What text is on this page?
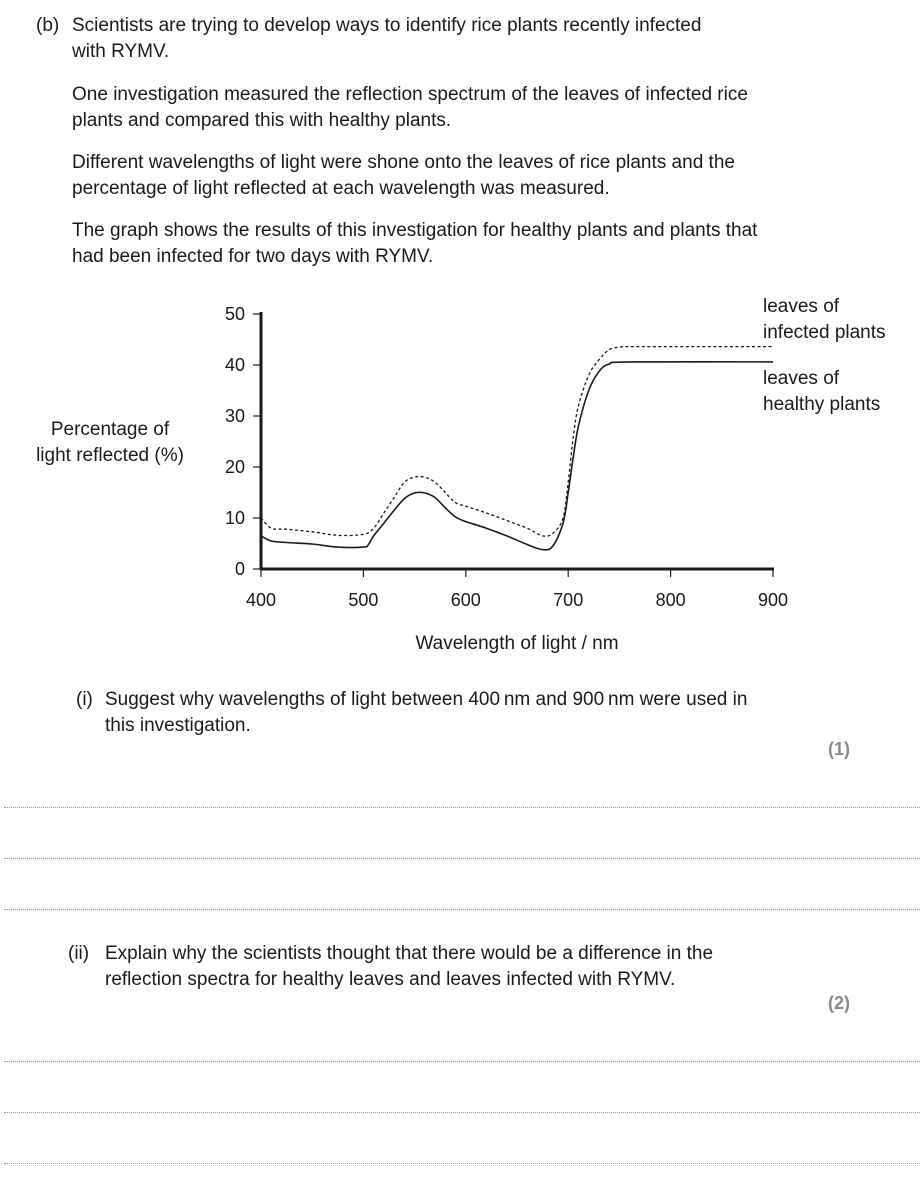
(b) Scientists are trying to develop ways to identify rice plants recently infected
with RYMV.
One investigation measured the reflection spectrum of the leaves of infected rice
plants and compared this with healthy plants.
Different wavelengths of light were shone onto the leaves of rice plants and the
percentage of light reflected at each wavelength was measured.
The graph shows the results of this investigation for healthy plants and plants that
had been infected for two days with RYMV.
0
10
20
30
40
50
400	500	600	700	800	900
leaves of
infected plants
leaves of
healthy plants
Percentage of
light reflected (%)
Wavelength of light / nm
(i) Suggest why wavelengths of light between 400 nm and 900 nm were used in
this investigation.
(1)
(ii) Explain why the scientists thought that there would be a difference in the
reflection spectra for healthy leaves and leaves infected with RYMV.
(2)
